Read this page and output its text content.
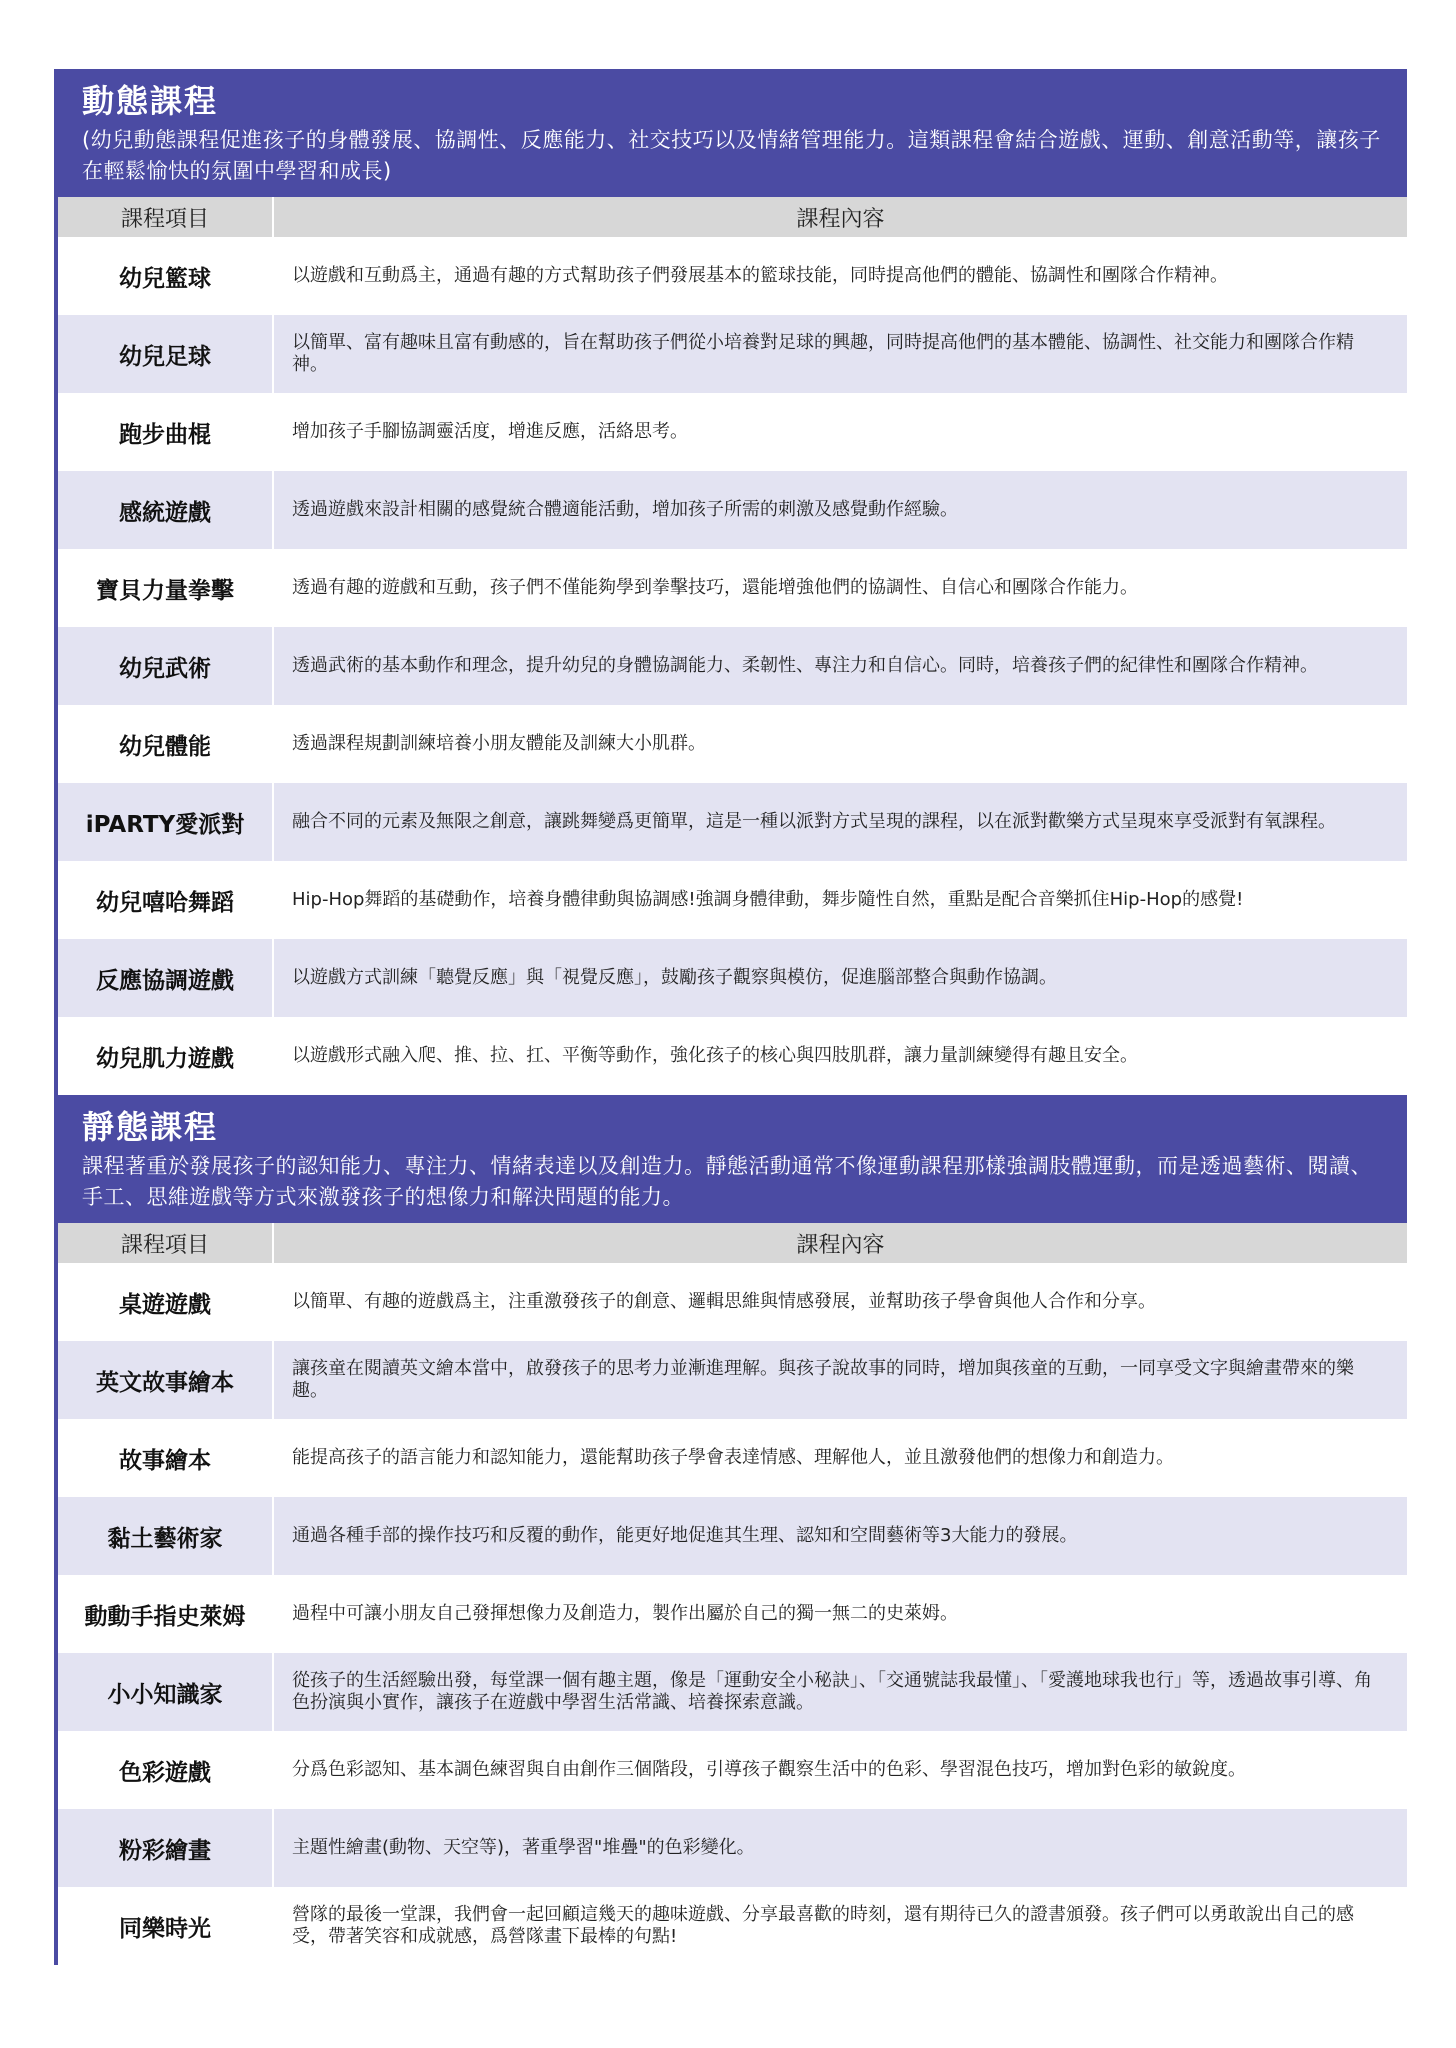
動態課程
(幼兒動態課程促進孩子的身體發展、協調性、反應能力、社交技巧以及情緒管理能力。這類課程會結合遊戲、運動、創意活動等，讓孩子在輕鬆愉快的氛圍中學習和成長)
課程項目	課程內容
幼兒籃球	以遊戲和互動爲主，通過有趣的方式幫助孩子們發展基本的籃球技能，同時提高他們的體能、協調性和團隊合作精神。
幼兒足球	以簡單、富有趣味且富有動感的，旨在幫助孩子們從小培養對足球的興趣，同時提高他們的基本體能、協調性、社交能力和團隊合作精神。
跑步曲棍	增加孩子手腳協調靈活度，增進反應，活絡思考。
感統遊戲	透過遊戲來設計相關的感覺統合體適能活動，增加孩子所需的刺激及感覺動作經驗。
寶貝力量拳擊	透過有趣的遊戲和互動，孩子們不僅能夠學到拳擊技巧，還能增強他們的協調性、自信心和團隊合作能力。
幼兒武術	透過武術的基本動作和理念，提升幼兒的身體協調能力、柔韌性、專注力和自信心。同時，培養孩子們的紀律性和團隊合作精神。
幼兒體能	透過課程規劃訓練培養小朋友體能及訓練大小肌群。
iPARTY愛派對	融合不同的元素及無限之創意，讓跳舞變爲更簡單，這是一種以派對方式呈現的課程，以在派對歡樂方式呈現來享受派對有氧課程。
幼兒嘻哈舞蹈	Hip-Hop舞蹈的基礎動作，培養身體律動與協調感!強調身體律動，舞步隨性自然，重點是配合音樂抓住Hip-Hop的感覺!
反應協調遊戲	以遊戲方式訓練「聽覺反應」與「視覺反應」，鼓勵孩子觀察與模仿，促進腦部整合與動作協調。
幼兒肌力遊戲	以遊戲形式融入爬、推、拉、扛、平衡等動作，強化孩子的核心與四肢肌群，讓力量訓練變得有趣且安全。
靜態課程
課程著重於發展孩子的認知能力、專注力、情緒表達以及創造力。靜態活動通常不像運動課程那樣強調肢體運動，而是透過藝術、閱讀、手工、思維遊戲等方式來激發孩子的想像力和解決問題的能力。
課程項目	課程內容
桌遊遊戲	以簡單、有趣的遊戲爲主，注重激發孩子的創意、邏輯思維與情感發展，並幫助孩子學會與他人合作和分享。
英文故事繪本	讓孩童在閱讀英文繪本當中，啟發孩子的思考力並漸進理解。與孩子說故事的同時，增加與孩童的互動，一同享受文字與繪畫帶來的樂趣。
故事繪本	能提高孩子的語言能力和認知能力，還能幫助孩子學會表達情感、理解他人，並且激發他們的想像力和創造力。
黏土藝術家	通過各種手部的操作技巧和反覆的動作，能更好地促進其生理、認知和空間藝術等3大能力的發展。
動動手指史萊姆	過程中可讓小朋友自己發揮想像力及創造力，製作出屬於自己的獨一無二的史萊姆。
小小知識家	從孩子的生活經驗出發，每堂課一個有趣主題，像是「運動安全小秘訣」、「交通號誌我最懂」、「愛護地球我也行」等，透過故事引導、角色扮演與小實作，讓孩子在遊戲中學習生活常識、培養探索意識。
色彩遊戲	分爲色彩認知、基本調色練習與自由創作三個階段，引導孩子觀察生活中的色彩、學習混色技巧，增加對色彩的敏銳度。
粉彩繪畫	主題性繪畫(動物、天空等)，著重學習"堆疊"的色彩變化。
同樂時光	營隊的最後一堂課，我們會一起回顧這幾天的趣味遊戲、分享最喜歡的時刻，還有期待已久的證書頒發。孩子們可以勇敢說出自己的感受，帶著笑容和成就感，爲營隊畫下最棒的句點!
